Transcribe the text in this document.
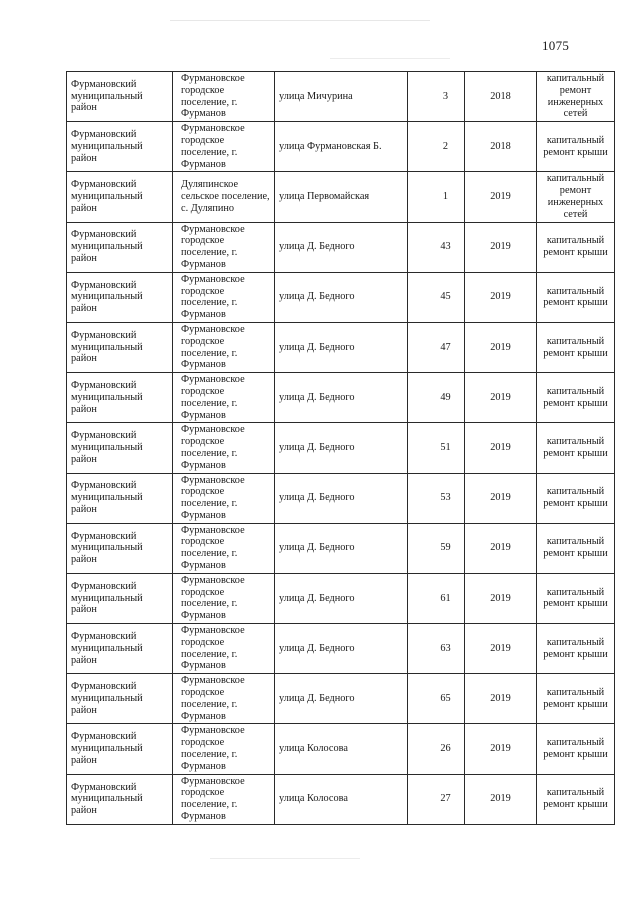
1075
Фурмановский муниципальный район	Фурмановское городское поселение, г. Фурманов	улица Мичурина	3	2018	капитальный ремонт инженерных сетей
Фурмановский муниципальный район	Фурмановское городское поселение, г. Фурманов	улица Фурмановская Б.	2	2018	капитальный ремонт крыши
Фурмановский муниципальный район	Дуляпинское сельское поселение, с. Дуляпино	улица Первомайская	1	2019	капитальный ремонт инженерных сетей
Фурмановский муниципальный район	Фурмановское городское поселение, г. Фурманов	улица Д. Бедного	43	2019	капитальный ремонт крыши
Фурмановский муниципальный район	Фурмановское городское поселение, г. Фурманов	улица Д. Бедного	45	2019	капитальный ремонт крыши
Фурмановский муниципальный район	Фурмановское городское поселение, г. Фурманов	улица Д. Бедного	47	2019	капитальный ремонт крыши
Фурмановский муниципальный район	Фурмановское городское поселение, г. Фурманов	улица Д. Бедного	49	2019	капитальный ремонт крыши
Фурмановский муниципальный район	Фурмановское городское поселение, г. Фурманов	улица Д. Бедного	51	2019	капитальный ремонт крыши
Фурмановский муниципальный район	Фурмановское городское поселение, г. Фурманов	улица Д. Бедного	53	2019	капитальный ремонт крыши
Фурмановский муниципальный район	Фурмановское городское поселение, г. Фурманов	улица Д. Бедного	59	2019	капитальный ремонт крыши
Фурмановский муниципальный район	Фурмановское городское поселение, г. Фурманов	улица Д. Бедного	61	2019	капитальный ремонт крыши
Фурмановский муниципальный район	Фурмановское городское поселение, г. Фурманов	улица Д. Бедного	63	2019	капитальный ремонт крыши
Фурмановский муниципальный район	Фурмановское городское поселение, г. Фурманов	улица Д. Бедного	65	2019	капитальный ремонт крыши
Фурмановский муниципальный район	Фурмановское городское поселение, г. Фурманов	улица Колосова	26	2019	капитальный ремонт крыши
Фурмановский муниципальный район	Фурмановское городское поселение, г. Фурманов	улица Колосова	27	2019	капитальный ремонт крыши
